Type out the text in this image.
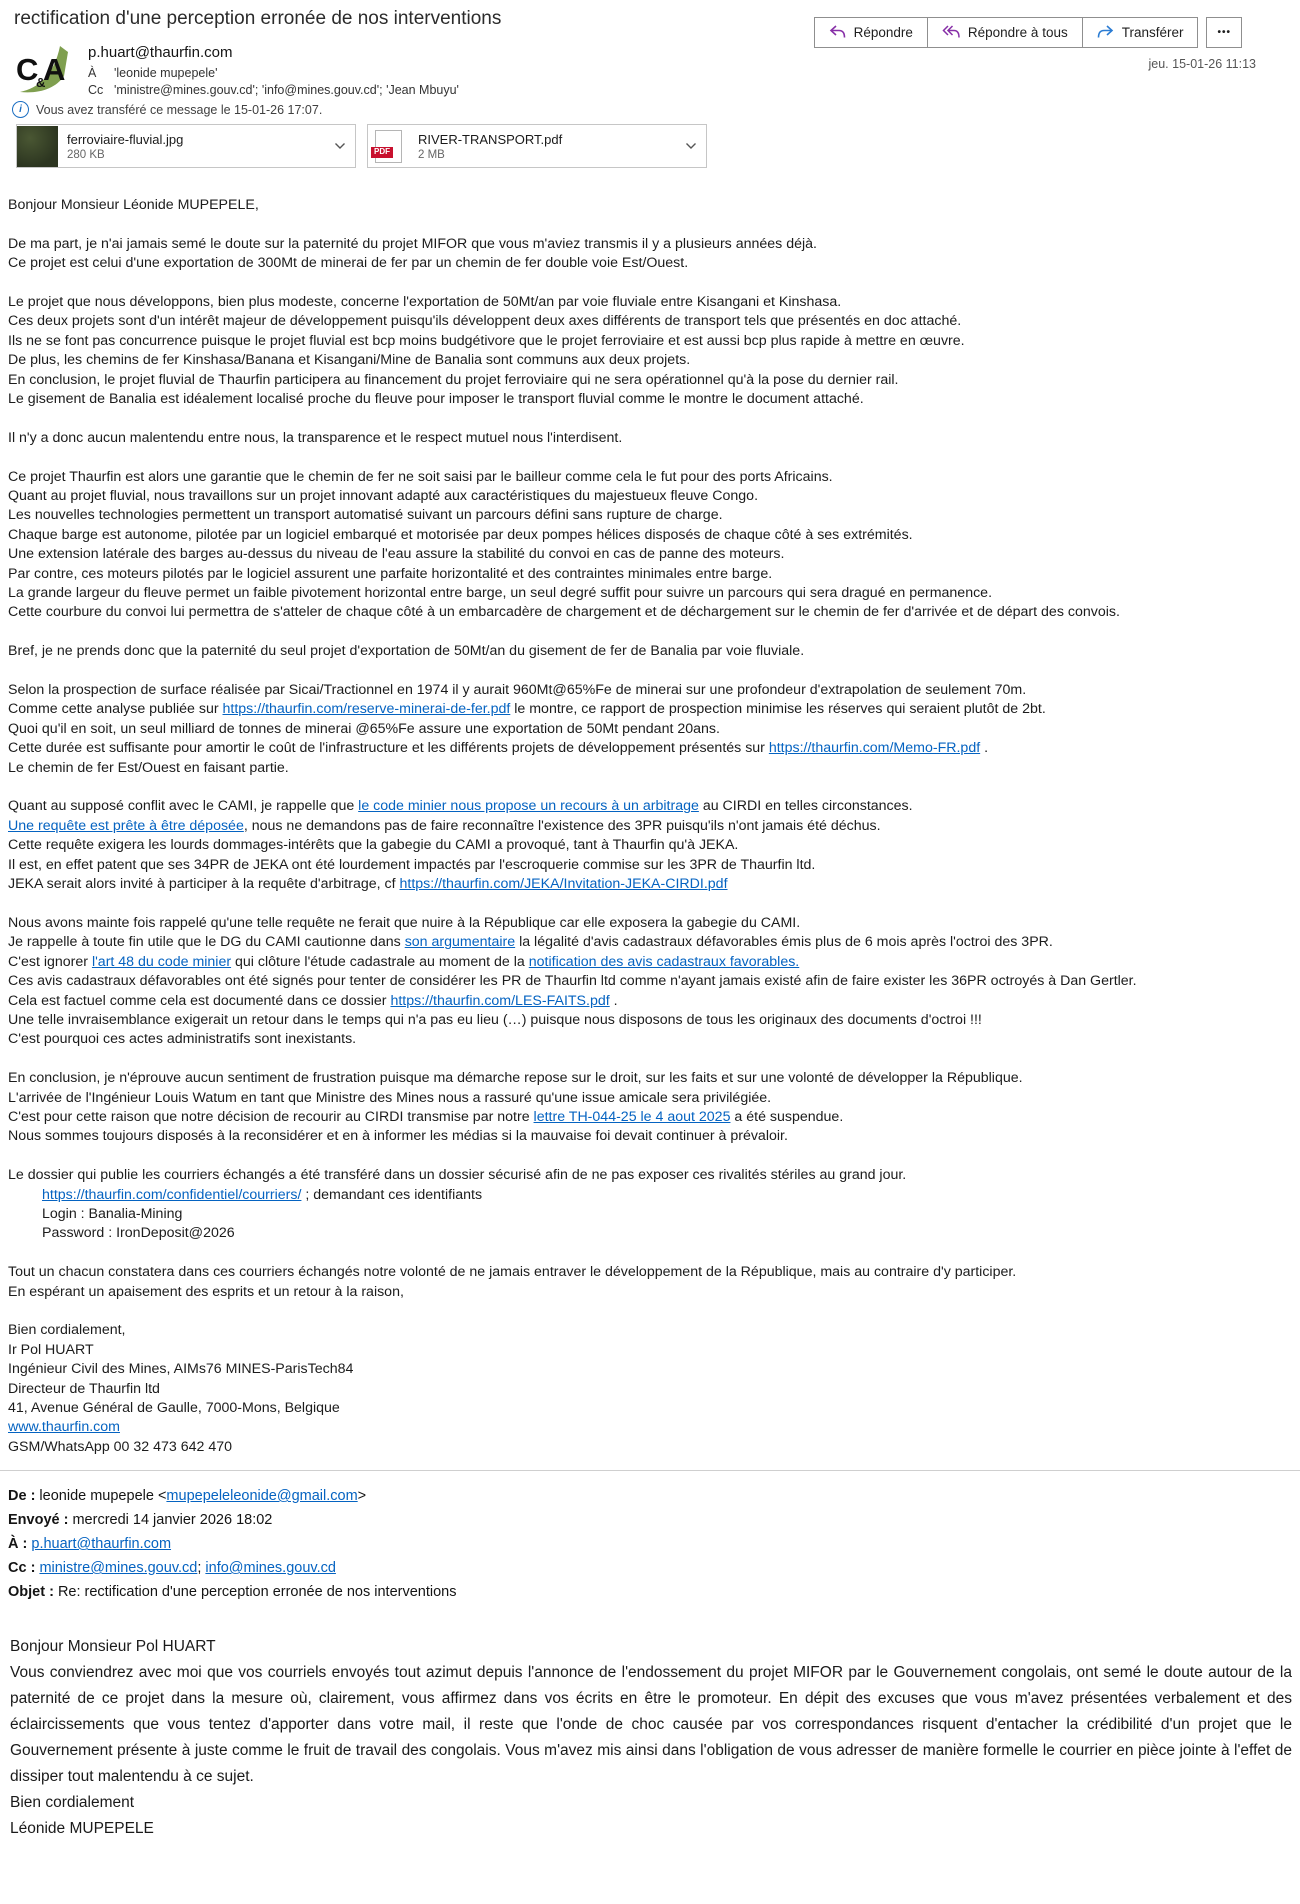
rectification d'une perception erronée de nos interventions
Répondre	Répondre à tous	Transférer	•••
jeu. 15-01-26 11:13
C
&
A p.huart@thaurfin.com
À 'leonide mupepele'
Cc 'ministre@mines.gouv.cd'; 'info@mines.gouv.cd'; 'Jean Mbuyu'
i	Vous avez transféré ce message le 15-01-26 17:07.
ferroviaire-fluvial.jpg
280 KB	PDF
RIVER-TRANSPORT.pdf
2 MB
Bonjour Monsieur Léonide MUPEPELE,
De ma part, je n'ai jamais semé le doute sur la paternité du projet MIFOR que vous m'aviez transmis il y a plusieurs années déjà.
Ce projet est celui d'une exportation de 300Mt de minerai de fer par un chemin de fer double voie Est/Ouest.
Le projet que nous développons, bien plus modeste, concerne l'exportation de 50Mt/an par voie fluviale entre Kisangani et Kinshasa.
Ces deux projets sont d'un intérêt majeur de développement puisqu'ils développent deux axes différents de transport tels que présentés en doc attaché.
Ils ne se font pas concurrence puisque le projet fluvial est bcp moins budgétivore que le projet ferroviaire et est aussi bcp plus rapide à mettre en œuvre.
De plus, les chemins de fer Kinshasa/Banana et Kisangani/Mine de Banalia sont communs aux deux projets.
En conclusion, le projet fluvial de Thaurfin participera au financement du projet ferroviaire qui ne sera opérationnel qu'à la pose du dernier rail.
Le gisement de Banalia est idéalement localisé proche du fleuve pour imposer le transport fluvial comme le montre le document attaché.
Il n'y a donc aucun malentendu entre nous, la transparence et le respect mutuel nous l'interdisent.
Ce projet Thaurfin est alors une garantie que le chemin de fer ne soit saisi par le bailleur comme cela le fut pour des ports Africains.
Quant au projet fluvial, nous travaillons sur un projet innovant adapté aux caractéristiques du majestueux fleuve Congo.
Les nouvelles technologies permettent un transport automatisé suivant un parcours défini sans rupture de charge.
Chaque barge est autonome, pilotée par un logiciel embarqué et motorisée par deux pompes hélices disposés de chaque côté à ses extrémités.
Une extension latérale des barges au-dessus du niveau de l'eau assure la stabilité du convoi en cas de panne des moteurs.
Par contre, ces moteurs pilotés par le logiciel assurent une parfaite horizontalité et des contraintes minimales entre barge.
La grande largeur du fleuve permet un faible pivotement horizontal entre barge, un seul degré suffit pour suivre un parcours qui sera dragué en permanence.
Cette courbure du convoi lui permettra de s'atteler de chaque côté à un embarcadère de chargement et de déchargement sur le chemin de fer d'arrivée et de départ des convois.
Bref, je ne prends donc que la paternité du seul projet d'exportation de 50Mt/an du gisement de fer de Banalia par voie fluviale.
Selon la prospection de surface réalisée par Sicai/Tractionnel en 1974 il y aurait 960Mt@65%Fe de minerai sur une profondeur d'extrapolation de seulement 70m.
Comme cette analyse publiée sur https://thaurfin.com/reserve-minerai-de-fer.pdf le montre, ce rapport de prospection minimise les réserves qui seraient plutôt de 2bt.
Quoi qu'il en soit, un seul milliard de tonnes de minerai @65%Fe assure une exportation de 50Mt pendant 20ans.
Cette durée est suffisante pour amortir le coût de l'infrastructure et les différents projets de développement présentés sur https://thaurfin.com/Memo-FR.pdf .
Le chemin de fer Est/Ouest en faisant partie.
Quant au supposé conflit avec le CAMI, je rappelle que le code minier nous propose un recours à un arbitrage au CIRDI en telles circonstances.
Une requête est prête à être déposée, nous ne demandons pas de faire reconnaître l'existence des 3PR puisqu'ils n'ont jamais été déchus.
Cette requête exigera les lourds dommages-intérêts que la gabegie du CAMI a provoqué, tant à Thaurfin qu'à JEKA.
Il est, en effet patent que ses 34PR de JEKA ont été lourdement impactés par l'escroquerie commise sur les 3PR de Thaurfin ltd.
JEKA serait alors invité à participer à la requête d'arbitrage, cf https://thaurfin.com/JEKA/Invitation-JEKA-CIRDI.pdf
Nous avons mainte fois rappelé qu'une telle requête ne ferait que nuire à la République car elle exposera la gabegie du CAMI.
Je rappelle à toute fin utile que le DG du CAMI cautionne dans son argumentaire la légalité d'avis cadastraux défavorables émis plus de 6 mois après l'octroi des 3PR.
C'est ignorer l'art 48 du code minier qui clôture l'étude cadastrale au moment de la notification des avis cadastraux favorables.
Ces avis cadastraux défavorables ont été signés pour tenter de considérer les PR de Thaurfin ltd comme n'ayant jamais existé afin de faire exister les 36PR octroyés à Dan Gertler.
Cela est factuel comme cela est documenté dans ce dossier https://thaurfin.com/LES-FAITS.pdf .
Une telle invraisemblance exigerait un retour dans le temps qui n'a pas eu lieu (…) puisque nous disposons de tous les originaux des documents d'octroi !!!
C'est pourquoi ces actes administratifs sont inexistants.
En conclusion, je n'éprouve aucun sentiment de frustration puisque ma démarche repose sur le droit, sur les faits et sur une volonté de développer la République.
L'arrivée de l'Ingénieur Louis Watum en tant que Ministre des Mines nous a rassuré qu'une issue amicale sera privilégiée.
C'est pour cette raison que notre décision de recourir au CIRDI transmise par notre lettre TH-044-25 le 4 aout 2025 a été suspendue.
Nous sommes toujours disposés à la reconsidérer et en à informer les médias si la mauvaise foi devait continuer à prévaloir.
Le dossier qui publie les courriers échangés a été transféré dans un dossier sécurisé afin de ne pas exposer ces rivalités stériles au grand jour.
https://thaurfin.com/confidentiel/courriers/ ; demandant ces identifiants
Login : Banalia-Mining
Password : IronDeposit@2026
Tout un chacun constatera dans ces courriers échangés notre volonté de ne jamais entraver le développement de la République, mais au contraire d'y participer.
En espérant un apaisement des esprits et un retour à la raison,
Bien cordialement,
Ir Pol HUART
Ingénieur Civil des Mines, AIMs76 MINES-ParisTech84
Directeur de Thaurfin ltd
41, Avenue Général de Gaulle, 7000-Mons, Belgique
www.thaurfin.com
GSM/WhatsApp 00 32 473 642 470
De : leonide mupepele <mupepeleleonide@gmail.com>
Envoyé : mercredi 14 janvier 2026 18:02
À : p.huart@thaurfin.com
Cc : ministre@mines.gouv.cd; info@mines.gouv.cd
Objet : Re: rectification d'une perception erronée de nos interventions

Bonjour Monsieur Pol HUART

Vous conviendrez avec moi que vos courriels envoyés tout azimut depuis l'annonce de l'endossement du projet MIFOR par le Gouvernement congolais, ont semé le doute autour de la paternité de ce projet dans la mesure où, clairement, vous affirmez dans vos écrits en être le promoteur. En dépit des excuses que vous m'avez présentées verbalement et des éclaircissements que vous tentez d'apporter dans votre mail, il reste que l'onde de choc causée par vos correspondances risquent d'entacher la crédibilité d'un projet que le Gouvernement présente à juste comme le fruit de travail des congolais. Vous m'avez mis ainsi dans l'obligation de vous adresser de manière formelle le courrier en pièce jointe à l'effet de dissiper tout malentendu à ce sujet.

Bien cordialement

Léonide MUPEPELE
